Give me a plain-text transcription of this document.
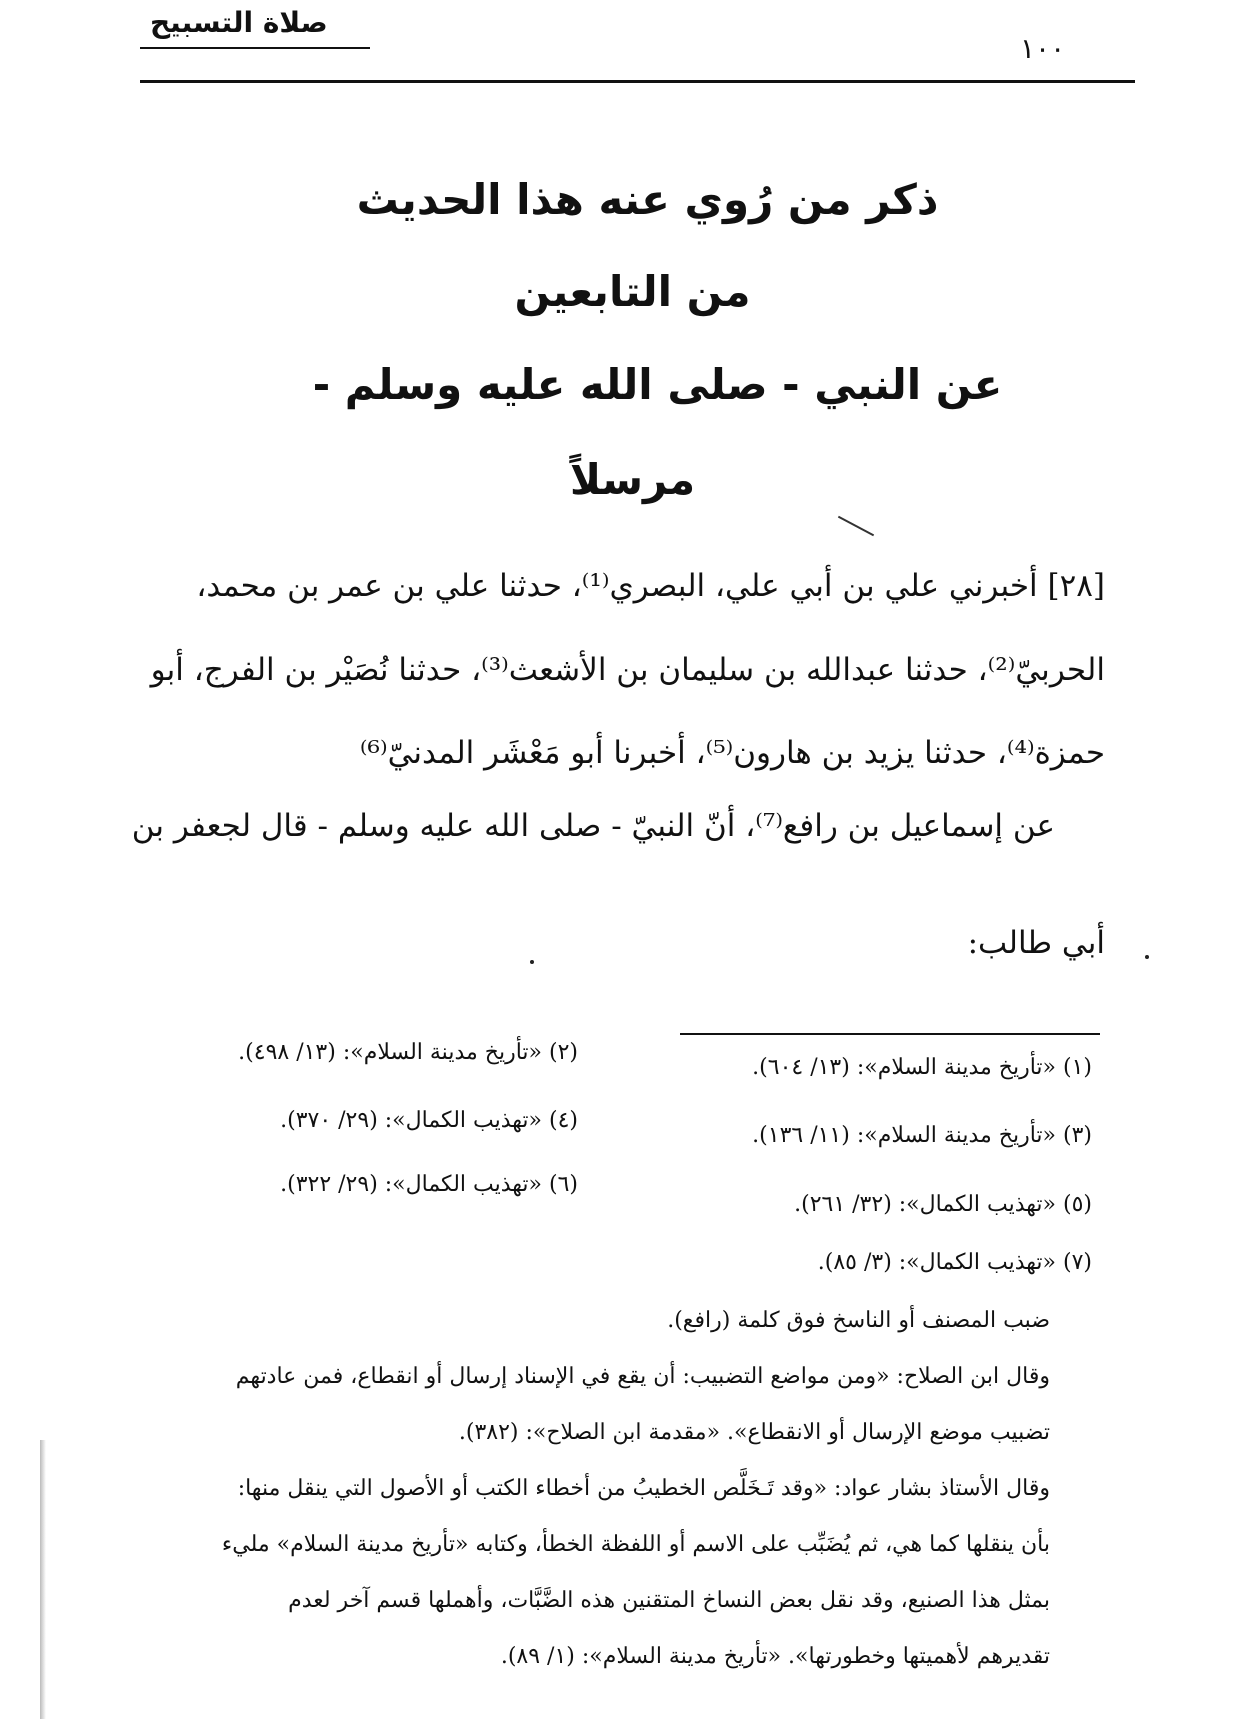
صلاة التسبيح
١٠٠
ذكر من رُوي عنه هذا الحديث
من التابعين
عن النبي - صلى الله عليه وسلم -
مرسلاً
[٢٨] أخبرني علي بن أبي علي، البصري⁽¹⁾، حدثنا علي بن عمر بن محمد،
الحربيّ⁽²⁾، حدثنا عبدالله بن سليمان بن الأشعث⁽³⁾، حدثنا نُصَيْر بن الفرج، أبو
حمزة⁽⁴⁾، حدثنا يزيد بن هارون⁽⁵⁾، أخبرنا أبو مَعْشَر المدنيّ⁽⁶⁾
عن إسماعيل بن رافع⁽⁷⁾، أنّ النبيّ - صلى الله عليه وسلم - قال لجعفر بن
أبي طالب:
(١) «تأريخ مدينة السلام»: (١٣/ ٦٠٤).
(٣) «تأريخ مدينة السلام»: (١١/ ١٣٦).
(٥) «تهذيب الكمال»: (٣٢/ ٢٦١).
(٧) «تهذيب الكمال»: (٣/ ٨٥).
(٢) «تأريخ مدينة السلام»: (١٣/ ٤٩٨).
(٤) «تهذيب الكمال»: (٢٩/ ٣٧٠).
(٦) «تهذيب الكمال»: (٢٩/ ٣٢٢).
ضبب المصنف أو الناسخ فوق كلمة (رافع).
وقال ابن الصلاح: «ومن مواضع التضبيب: أن يقع في الإسناد إرسال أو انقطاع، فمن عادتهم
تضبيب موضع الإرسال أو الانقطاع». «مقدمة ابن الصلاح»: (٣٨٢).
وقال الأستاذ بشار عواد: «وقد تَـخَلَّص الخطيبُ من أخطاء الكتب أو الأصول التي ينقل منها:
بأن ينقلها كما هي، ثم يُضَبِّب على الاسم أو اللفظة الخطأ، وكتابه «تأريخ مدينة السلام» مليء
بمثل هذا الصنيع، وقد نقل بعض النساخ المتقنين هذه الضَّبَّات، وأهملها قسم آخر لعدم
تقديرهم لأهميتها وخطورتها». «تأريخ مدينة السلام»: (١/ ٨٩).
